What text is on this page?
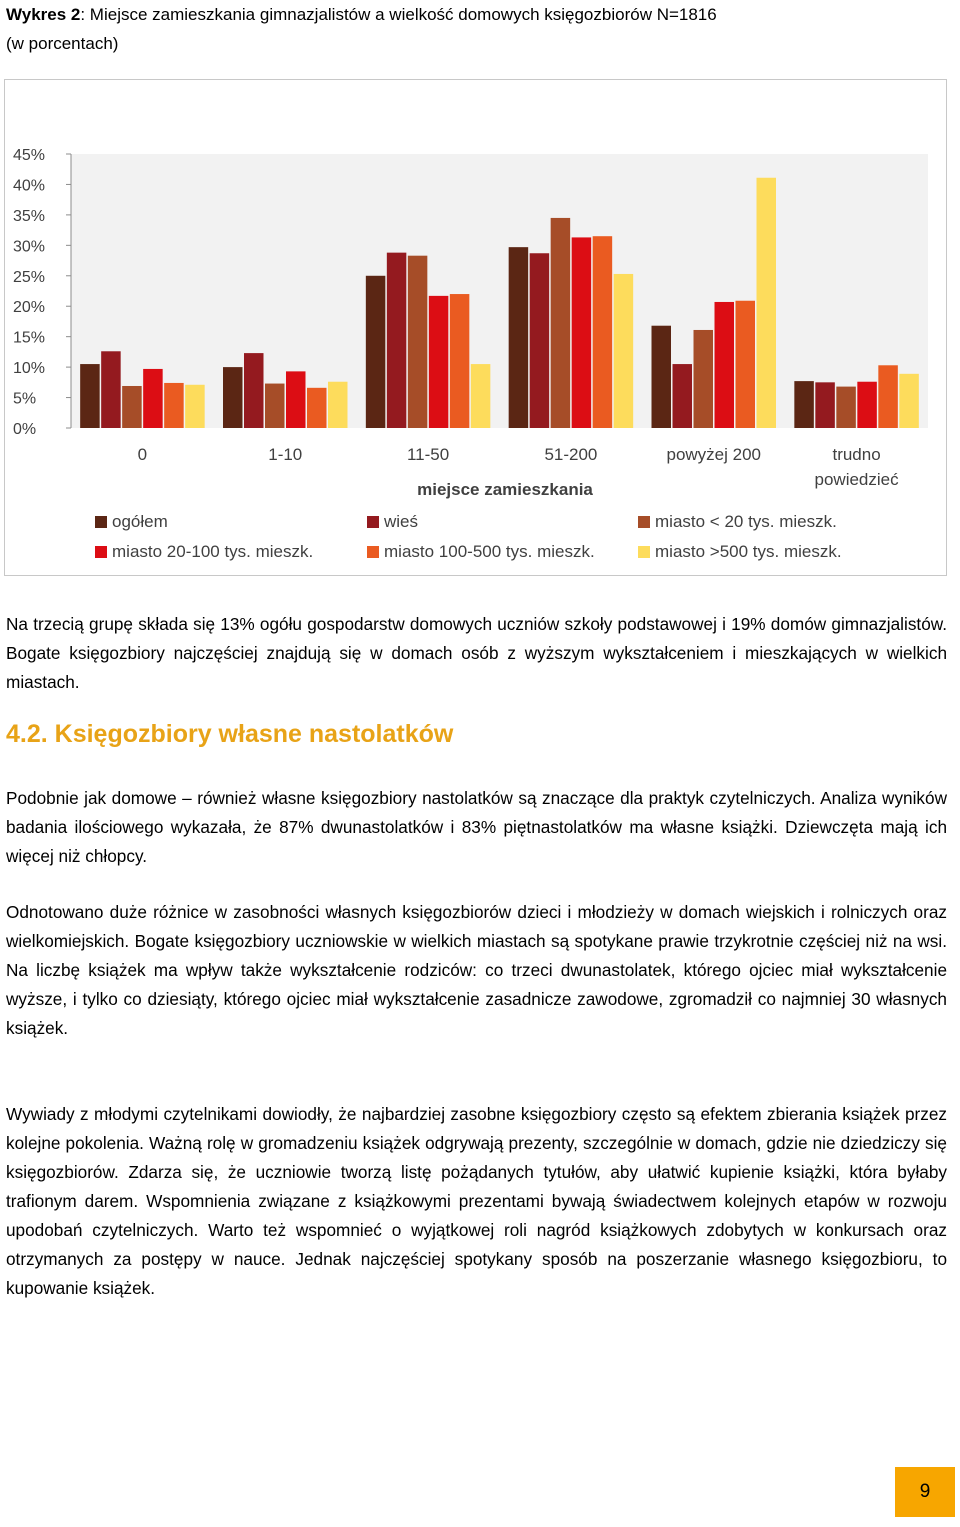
Wykres 2: Miejsce zamieszkania gimnazjalistów a wielkość domowych księgozbiorów N=1816
(w porcentach)
45%
40%
35%
30%
25%
20%
15%
10%
5%
0%
0	1-10	11-50	51-200	powyżej 200	trudno
powiedzieć
miejsce zamieszkania
ogółem	wieś	miasto < 20 tys. mieszk.
miasto 20-100 tys. mieszk.	miasto 100-500 tys. mieszk.	miasto >500 tys. mieszk.

Na trzecią grupę składa się 13% ogółu gospodarstw domowych uczniów szkoły podstawowej i 19% domów gimnazjalistów. Bogate księgozbiory najczęściej znajdują się w domach osób z wyższym wykształceniem i mieszkających w wielkich miastach.

4.2. Księgozbiory własne nastolatków

Podobnie jak domowe – również własne księgozbiory nastolatków są znaczące dla praktyk czytelniczych. Analiza wyników badania ilościowego wykazała, że 87% dwunastolatków i 83% piętnastolatków ma własne książki. Dziewczęta mają ich więcej niż chłopcy.

Odnotowano duże różnice w zasobności własnych księgozbiorów dzieci i młodzieży w domach wiejskich i rolniczych oraz wielkomiejskich. Bogate księgozbiory uczniowskie w wielkich miastach są spotykane prawie trzykrotnie częściej niż na wsi. Na liczbę książek ma wpływ także wykształcenie rodziców: co trzeci dwunastolatek, którego ojciec miał wykształcenie wyższe, i tylko co dziesiąty, którego ojciec miał wykształcenie zasadnicze zawodowe, zgromadził co najmniej 30 własnych książek.

Wywiady z młodymi czytelnikami dowiodły, że najbardziej zasobne księgozbiory często są efektem zbierania książek przez kolejne pokolenia. Ważną rolę w gromadzeniu książek odgrywają prezenty, szczególnie w domach, gdzie nie dziedziczy się księgozbiorów. Zdarza się, że uczniowie tworzą listę pożądanych tytułów, aby ułatwić kupienie książki, która byłaby trafionym darem. Wspomnienia związane z książkowymi prezentami bywają świadectwem kolejnych etapów w rozwoju upodobań czytelniczych. Warto też wspomnieć o wyjątkowej roli nagród książkowych zdobytych w konkursach oraz otrzymanych za postępy w nauce. Jednak najczęściej spotykany sposób na poszerzanie własnego księgozbioru, to kupowanie książek.

9
